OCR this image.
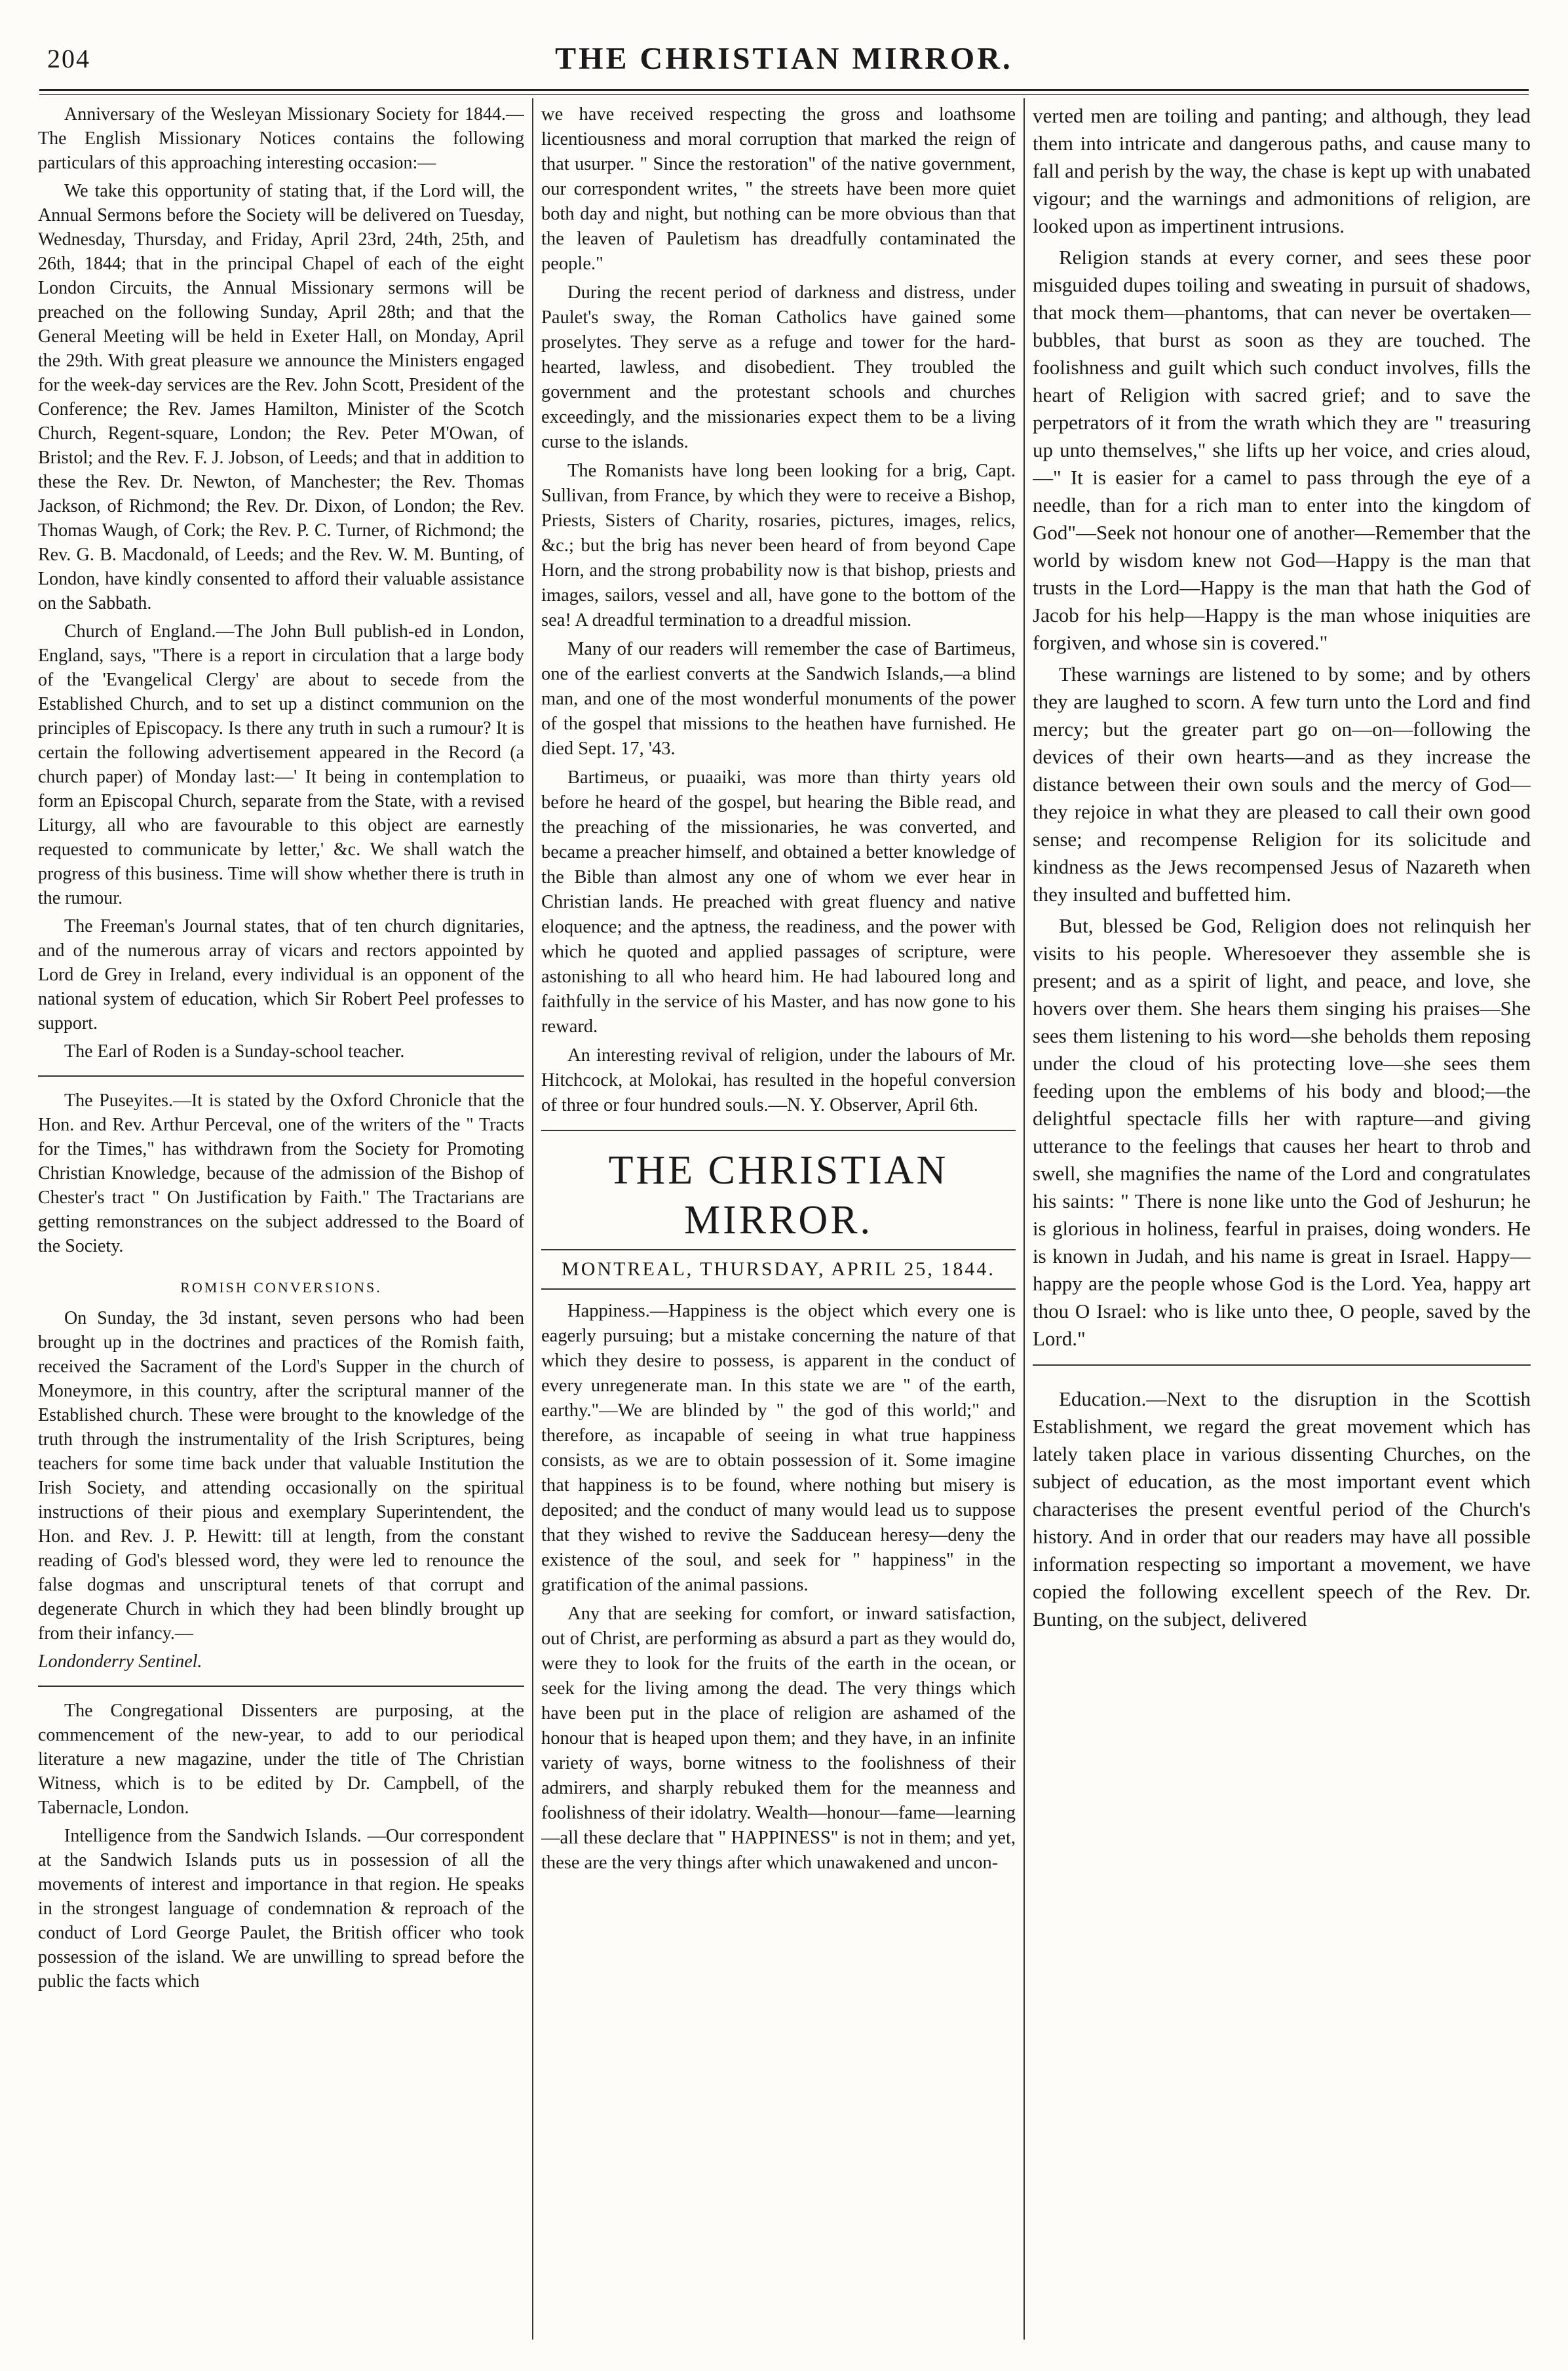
204	THE CHRISTIAN MIRROR.

Anniversary of the Wesleyan Missionary Society for 1844.—The English Missionary Notices contains the following particulars of this approaching interesting occasion:—

We take this opportunity of stating that, if the Lord will, the Annual Sermons before the Society will be delivered on Tuesday, Wednesday, Thursday, and Friday, April 23rd, 24th, 25th, and 26th, 1844; that in the principal Chapel of each of the eight London Circuits, the Annual Missionary sermons will be preached on the following Sunday, April 28th; and that the General Meeting will be held in Exeter Hall, on Monday, April the 29th. With great pleasure we announce the Ministers engaged for the week-day services are the Rev. John Scott, President of the Conference; the Rev. James Hamilton, Minister of the Scotch Church, Regent-square, London; the Rev. Peter M'Owan, of Bristol; and the Rev. F. J. Jobson, of Leeds; and that in addition to these the Rev. Dr. Newton, of Manchester; the Rev. Thomas Jackson, of Richmond; the Rev. Dr. Dixon, of London; the Rev. Thomas Waugh, of Cork; the Rev. P. C. Turner, of Richmond; the Rev. G. B. Macdonald, of Leeds; and the Rev. W. M. Bunting, of London, have kindly consented to afford their valuable assistance on the Sabbath.

Church of England.—The John Bull publish-ed in London, England, says, "There is a report in circulation that a large body of the 'Evangelical Clergy' are about to secede from the Established Church, and to set up a distinct communion on the principles of Episcopacy. Is there any truth in such a rumour? It is certain the following advertisement appeared in the Record (a church paper) of Monday last:—' It being in contemplation to form an Episcopal Church, separate from the State, with a revised Liturgy, all who are favourable to this object are earnestly requested to communicate by letter,' &c. We shall watch the progress of this business. Time will show whether there is truth in the rumour.

The Freeman's Journal states, that of ten church dignitaries, and of the numerous array of vicars and rectors appointed by Lord de Grey in Ireland, every individual is an opponent of the national system of education, which Sir Robert Peel professes to support.

The Earl of Roden is a Sunday-school teacher.

The Puseyites.—It is stated by the Oxford Chronicle that the Hon. and Rev. Arthur Perceval, one of the writers of the " Tracts for the Times," has withdrawn from the Society for Promoting Christian Knowledge, because of the admission of the Bishop of Chester's tract " On Justification by Faith." The Tractarians are getting remonstrances on the subject addressed to the Board of the Society.

ROMISH CONVERSIONS.

On Sunday, the 3d instant, seven persons who had been brought up in the doctrines and practices of the Romish faith, received the Sacrament of the Lord's Supper in the church of Moneymore, in this country, after the scriptural manner of the Established church. These were brought to the knowledge of the truth through the instrumentality of the Irish Scriptures, being teachers for some time back under that valuable Institution the Irish Society, and attending occasionally on the spiritual instructions of their pious and exemplary Superintendent, the Hon. and Rev. J. P. Hewitt: till at length, from the constant reading of God's blessed word, they were led to renounce the false dogmas and unscriptural tenets of that corrupt and degenerate Church in which they had been blindly brought up from their infancy.—

Londonderry Sentinel.

The Congregational Dissenters are purposing, at the commencement of the new-year, to add to our periodical literature a new magazine, under the title of The Christian Witness, which is to be edited by Dr. Campbell, of the Tabernacle, London.

Intelligence from the Sandwich Islands. —Our correspondent at the Sandwich Islands puts us in possession of all the movements of interest and importance in that region. He speaks in the strongest language of condemnation & reproach of the conduct of Lord George Paulet, the British officer who took possession of the island. We are unwilling to spread before the public the facts which

we have received respecting the gross and loathsome licentiousness and moral corruption that marked the reign of that usurper. " Since the restoration" of the native government, our correspondent writes, " the streets have been more quiet both day and night, but nothing can be more obvious than that the leaven of Pauletism has dreadfully contaminated the people."

During the recent period of darkness and distress, under Paulet's sway, the Roman Catholics have gained some proselytes. They serve as a refuge and tower for the hard-hearted, lawless, and disobedient. They troubled the government and the protestant schools and churches exceedingly, and the missionaries expect them to be a living curse to the islands.

The Romanists have long been looking for a brig, Capt. Sullivan, from France, by which they were to receive a Bishop, Priests, Sisters of Charity, rosaries, pictures, images, relics, &c.; but the brig has never been heard of from beyond Cape Horn, and the strong probability now is that bishop, priests and images, sailors, vessel and all, have gone to the bottom of the sea! A dreadful termination to a dreadful mission.

Many of our readers will remember the case of Bartimeus, one of the earliest converts at the Sandwich Islands,—a blind man, and one of the most wonderful monuments of the power of the gospel that missions to the heathen have furnished. He died Sept. 17, '43.

Bartimeus, or puaaiki, was more than thirty years old before he heard of the gospel, but hearing the Bible read, and the preaching of the missionaries, he was converted, and became a preacher himself, and obtained a better knowledge of the Bible than almost any one of whom we ever hear in Christian lands. He preached with great fluency and native eloquence; and the aptness, the readiness, and the power with which he quoted and applied passages of scripture, were astonishing to all who heard him. He had laboured long and faithfully in the service of his Master, and has now gone to his reward.

An interesting revival of religion, under the labours of Mr. Hitchcock, at Molokai, has resulted in the hopeful conversion of three or four hundred souls.—N. Y. Observer, April 6th.

THE CHRISTIAN MIRROR.
MONTREAL, THURSDAY, APRIL 25, 1844.

Happiness.—Happiness is the object which every one is eagerly pursuing; but a mistake concerning the nature of that which they desire to possess, is apparent in the conduct of every unregenerate man. In this state we are " of the earth, earthy."—We are blinded by " the god of this world;" and therefore, as incapable of seeing in what true happiness consists, as we are to obtain possession of it. Some imagine that happiness is to be found, where nothing but misery is deposited; and the conduct of many would lead us to suppose that they wished to revive the Sadducean heresy—deny the existence of the soul, and seek for " happiness" in the gratification of the animal passions.

Any that are seeking for comfort, or inward satisfaction, out of Christ, are performing as absurd a part as they would do, were they to look for the fruits of the earth in the ocean, or seek for the living among the dead. The very things which have been put in the place of religion are ashamed of the honour that is heaped upon them; and they have, in an infinite variety of ways, borne witness to the foolishness of their admirers, and sharply rebuked them for the meanness and foolishness of their idolatry. Wealth—honour—fame—learning—all these declare that " HAPPINESS" is not in them; and yet, these are the very things after which unawakened and uncon-

verted men are toiling and panting; and although, they lead them into intricate and dangerous paths, and cause many to fall and perish by the way, the chase is kept up with unabated vigour; and the warnings and admonitions of religion, are looked upon as impertinent intrusions.

Religion stands at every corner, and sees these poor misguided dupes toiling and sweating in pursuit of shadows, that mock them—phantoms, that can never be overtaken—bubbles, that burst as soon as they are touched. The foolishness and guilt which such conduct involves, fills the heart of Religion with sacred grief; and to save the perpetrators of it from the wrath which they are " treasuring up unto themselves," she lifts up her voice, and cries aloud,—" It is easier for a camel to pass through the eye of a needle, than for a rich man to enter into the kingdom of God"—Seek not honour one of another—Remember that the world by wisdom knew not God—Happy is the man that trusts in the Lord—Happy is the man that hath the God of Jacob for his help—Happy is the man whose iniquities are forgiven, and whose sin is covered."

These warnings are listened to by some; and by others they are laughed to scorn. A few turn unto the Lord and find mercy; but the greater part go on—on—following the devices of their own hearts—and as they increase the distance between their own souls and the mercy of God—they rejoice in what they are pleased to call their own good sense; and recompense Religion for its solicitude and kindness as the Jews recompensed Jesus of Nazareth when they insulted and buffetted him.

But, blessed be God, Religion does not relinquish her visits to his people. Wheresoever they assemble she is present; and as a spirit of light, and peace, and love, she hovers over them. She hears them singing his praises—She sees them listening to his word—she beholds them reposing under the cloud of his protecting love—she sees them feeding upon the emblems of his body and blood;—the delightful spectacle fills her with rapture—and giving utterance to the feelings that causes her heart to throb and swell, she magnifies the name of the Lord and congratulates his saints: " There is none like unto the God of Jeshurun; he is glorious in holiness, fearful in praises, doing wonders. He is known in Judah, and his name is great in Israel. Happy—happy are the people whose God is the Lord. Yea, happy art thou O Israel: who is like unto thee, O people, saved by the Lord."

Education.—Next to the disruption in the Scottish Establishment, we regard the great movement which has lately taken place in various dissenting Churches, on the subject of education, as the most important event which characterises the present eventful period of the Church's history. And in order that our readers may have all possible information respecting so important a movement, we have copied the following excellent speech of the Rev. Dr. Bunting, on the subject, delivered
